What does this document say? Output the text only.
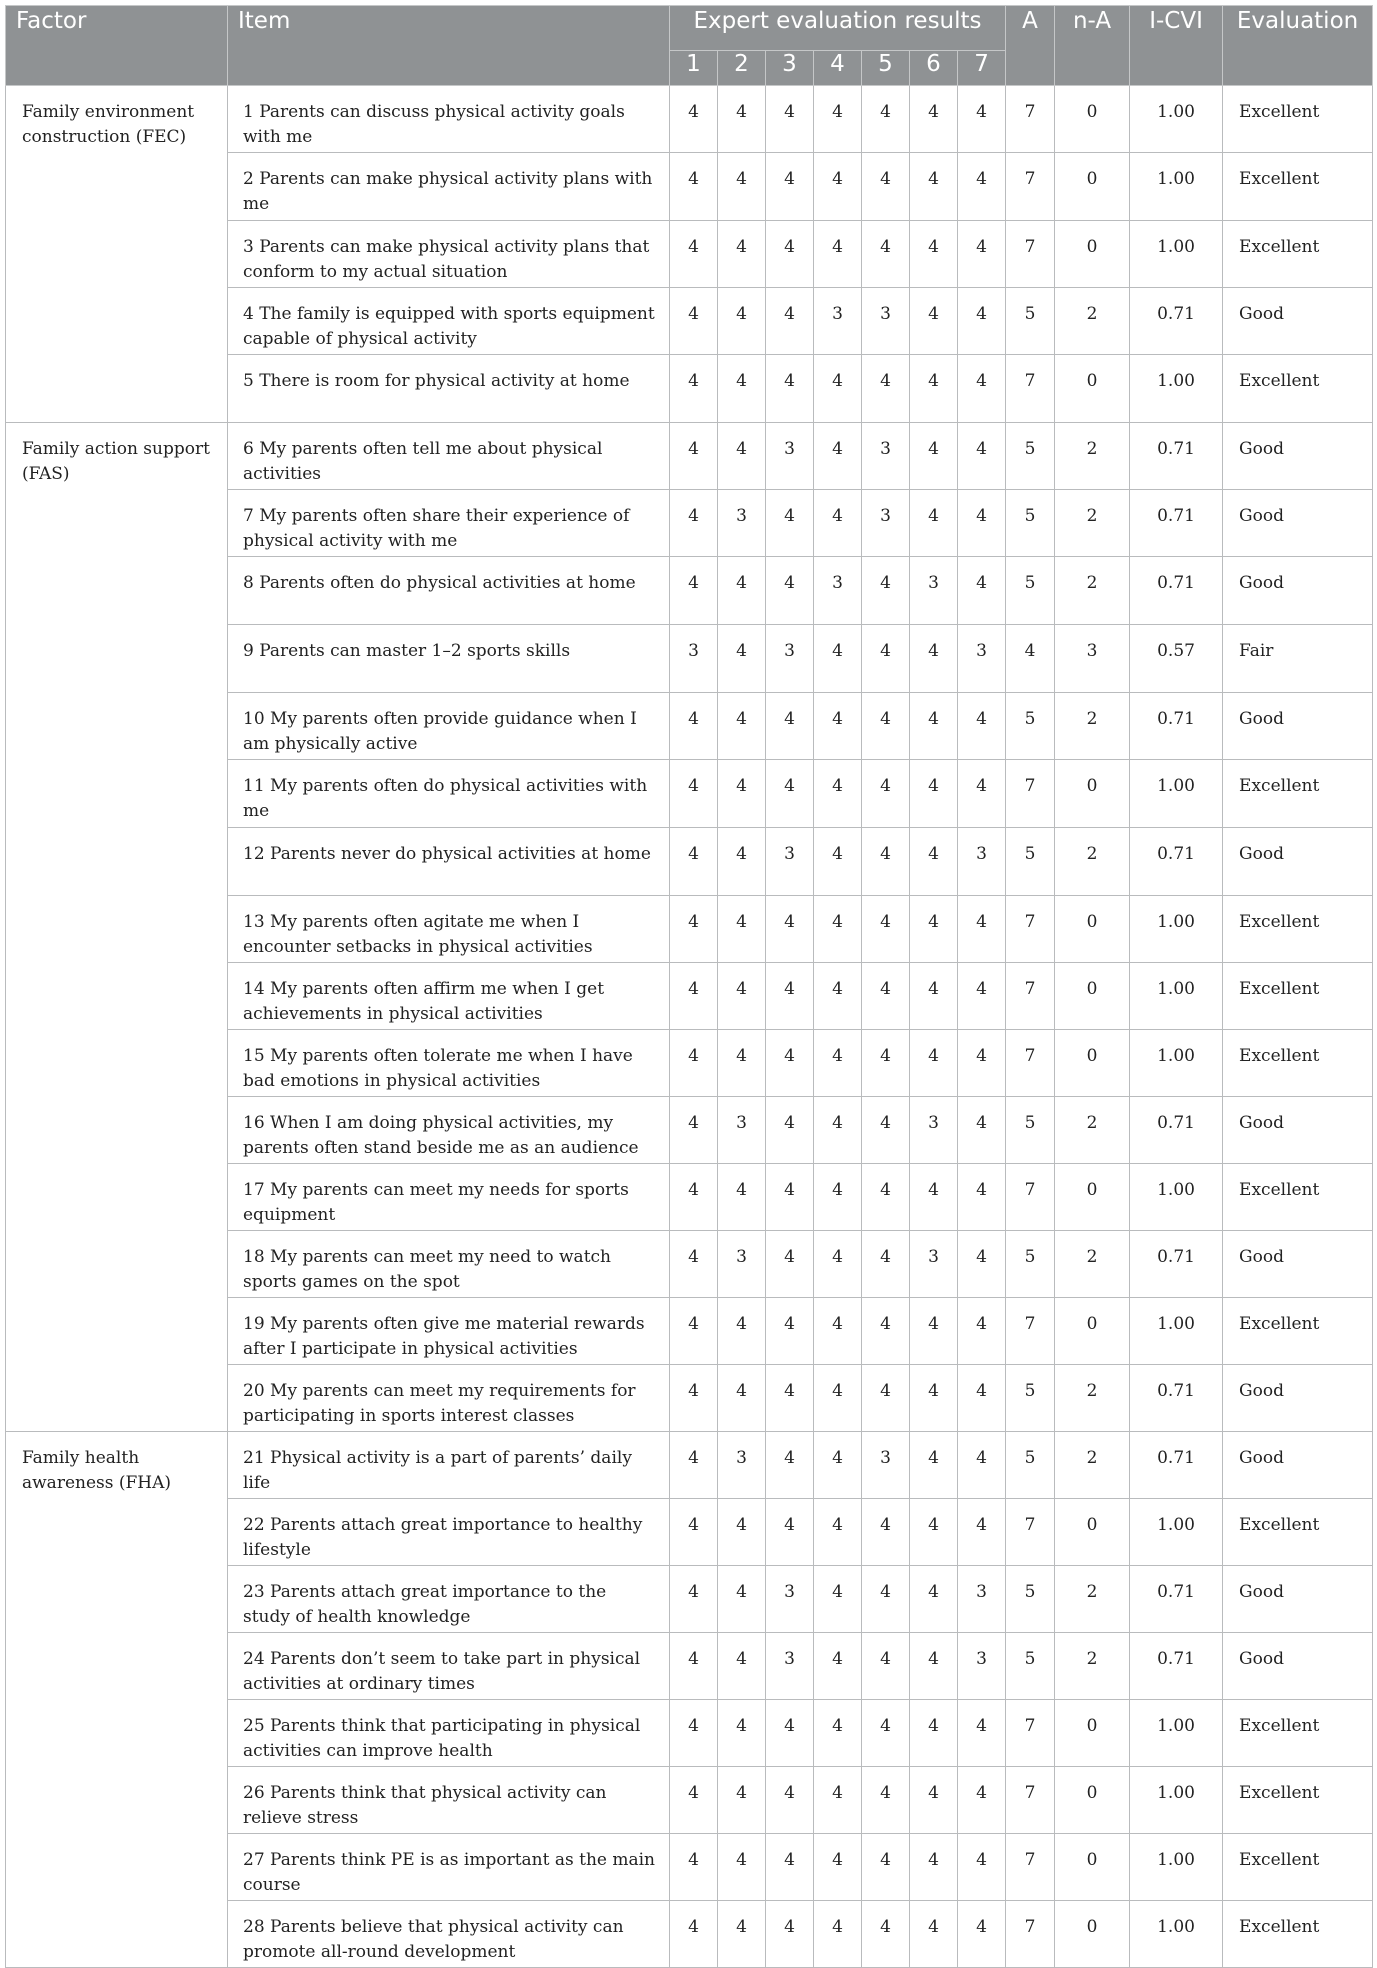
Factor	Item	Expert evaluation results							A	n-A	I-CVI	Evaluation
		1	2	3	4	5	6	7				
Family environment construction (FEC)	1 Parents can discuss physical activity goals with me	4	4	4	4	4	4	4	7	0	1.00	Excellent
	2 Parents can make physical activity plans with me	4	4	4	4	4	4	4	7	0	1.00	Excellent
	3 Parents can make physical activity plans that conform to my actual situation	4	4	4	4	4	4	4	7	0	1.00	Excellent
	4 The family is equipped with sports equipment capable of physical activity	4	4	4	3	3	4	4	5	2	0.71	Good
	5 There is room for physical activity at home	4	4	4	4	4	4	4	7	0	1.00	Excellent
Family action support (FAS)	6 My parents often tell me about physical activities	4	4	3	4	3	4	4	5	2	0.71	Good
	7 My parents often share their experience of physical activity with me	4	3	4	4	3	4	4	5	2	0.71	Good
	8 Parents often do physical activities at home	4	4	4	3	4	3	4	5	2	0.71	Good
	9 Parents can master 1–2 sports skills	3	4	3	4	4	4	3	4	3	0.57	Fair
	10 My parents often provide guidance when I am physically active	4	4	4	4	4	4	4	5	2	0.71	Good
	11 My parents often do physical activities with me	4	4	4	4	4	4	4	7	0	1.00	Excellent
	12 Parents never do physical activities at home	4	4	3	4	4	4	3	5	2	0.71	Good
	13 My parents often agitate me when I encounter setbacks in physical activities	4	4	4	4	4	4	4	7	0	1.00	Excellent
	14 My parents often affirm me when I get achievements in physical activities	4	4	4	4	4	4	4	7	0	1.00	Excellent
	15 My parents often tolerate me when I have bad emotions in physical activities	4	4	4	4	4	4	4	7	0	1.00	Excellent
	16 When I am doing physical activities, my parents often stand beside me as an audience	4	3	4	4	4	3	4	5	2	0.71	Good
	17 My parents can meet my needs for sports equipment	4	4	4	4	4	4	4	7	0	1.00	Excellent
	18 My parents can meet my need to watch sports games on the spot	4	3	4	4	4	3	4	5	2	0.71	Good
	19 My parents often give me material rewards after I participate in physical activities	4	4	4	4	4	4	4	7	0	1.00	Excellent
	20 My parents can meet my requirements for participating in sports interest classes	4	4	4	4	4	4	4	5	2	0.71	Good
Family health awareness (FHA)	21 Physical activity is a part of parents’ daily life	4	3	4	4	3	4	4	5	2	0.71	Good
	22 Parents attach great importance to healthy lifestyle	4	4	4	4	4	4	4	7	0	1.00	Excellent
	23 Parents attach great importance to the study of health knowledge	4	4	3	4	4	4	3	5	2	0.71	Good
	24 Parents don’t seem to take part in physical activities at ordinary times	4	4	3	4	4	4	3	5	2	0.71	Good
	25 Parents think that participating in physical activities can improve health	4	4	4	4	4	4	4	7	0	1.00	Excellent
	26 Parents think that physical activity can relieve stress	4	4	4	4	4	4	4	7	0	1.00	Excellent
	27 Parents think PE is as important as the main course	4	4	4	4	4	4	4	7	0	1.00	Excellent
	28 Parents believe that physical activity can promote all-round development	4	4	4	4	4	4	4	7	0	1.00	Excellent
